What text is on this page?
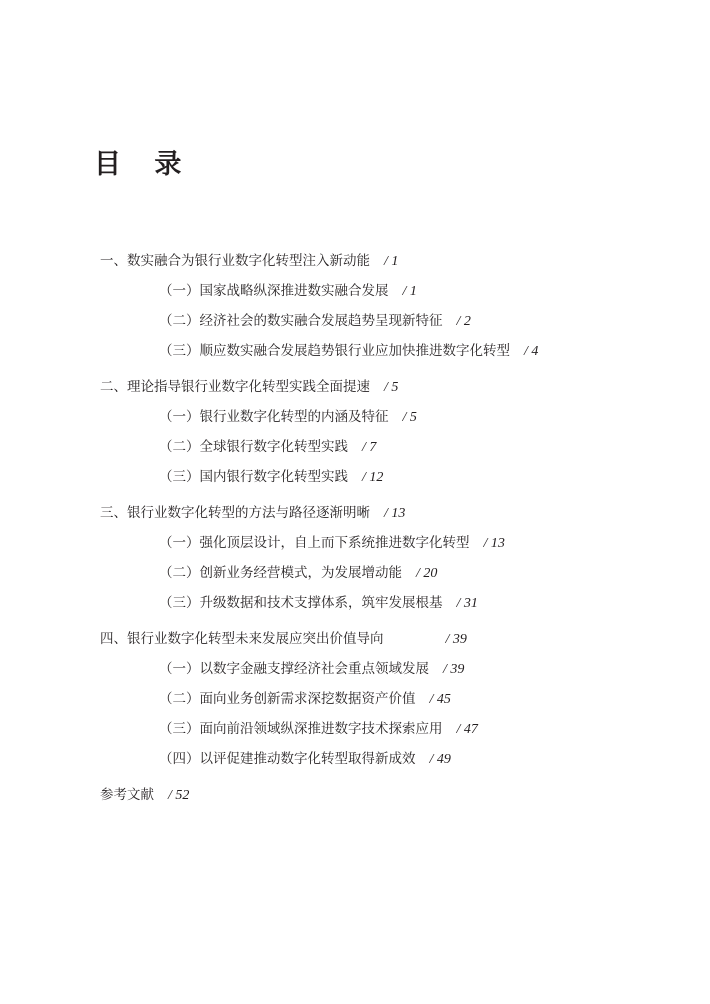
目 录
一、数实融合为银行业数字化转型注入新动能 / 1
（一）国家战略纵深推进数实融合发展 / 1
（二）经济社会的数实融合发展趋势呈现新特征 / 2
（三）顺应数实融合发展趋势银行业应加快推进数字化转型 / 4
二、理论指导银行业数字化转型实践全面提速 / 5
（一）银行业数字化转型的内涵及特征 / 5
（二）全球银行数字化转型实践 / 7
（三）国内银行数字化转型实践 / 12
三、银行业数字化转型的方法与路径逐渐明晰 / 13
（一）强化顶层设计，自上而下系统推进数字化转型 / 13
（二）创新业务经营模式，为发展增动能 / 20
（三）升级数据和技术支撑体系，筑牢发展根基 / 31
四、银行业数字化转型未来发展应突出价值导向	/ 39
（一）以数字金融支撑经济社会重点领域发展 / 39
（二）面向业务创新需求深挖数据资产价值 / 45
（三）面向前沿领域纵深推进数字技术探索应用 / 47
（四）以评促建推动数字化转型取得新成效 / 49
参考文献 / 52
